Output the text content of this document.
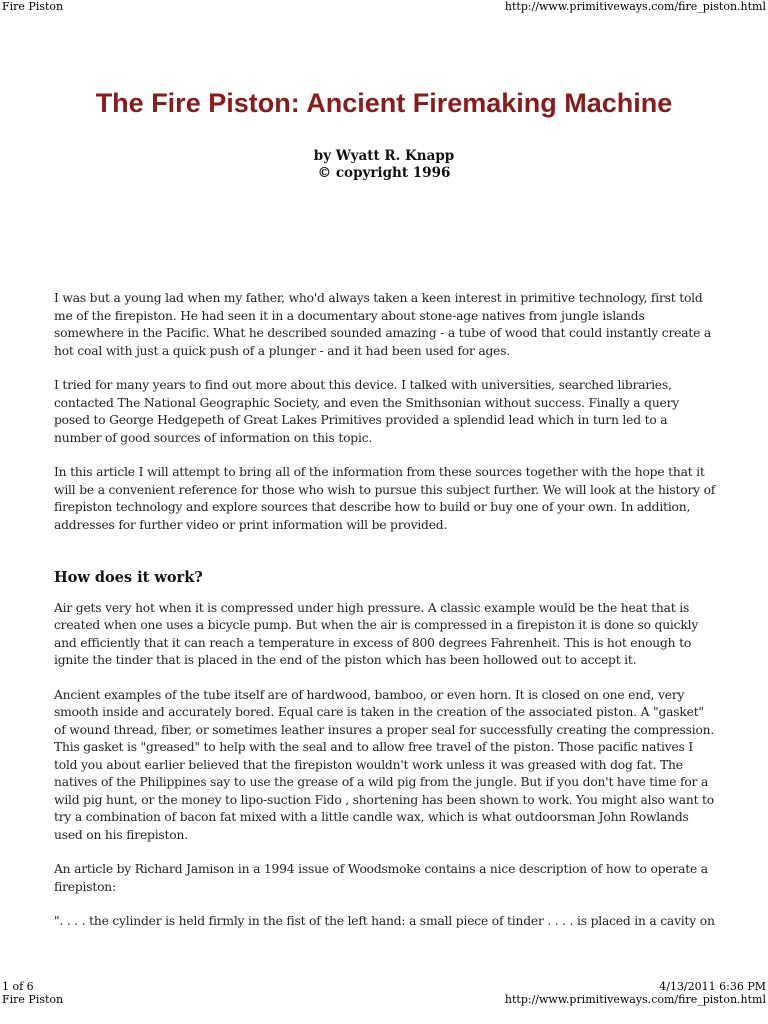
Fire Piston	http://www.primitiveways.com/fire_piston.html
The Fire Piston: Ancient Firemaking Machine
by Wyatt R. Knapp
© copyright 1996

I was but a young lad when my father, who'd always taken a keen interest in primitive technology, first told me of the firepiston. He had seen it in a documentary about stone-age natives from jungle islands somewhere in the Pacific. What he described sounded amazing - a tube of wood that could instantly create a hot coal with just a quick push of a plunger - and it had been used for ages.

I tried for many years to find out more about this device. I talked with universities, searched libraries, contacted The National Geographic Society, and even the Smithsonian without success. Finally a query posed to George Hedgepeth of Great Lakes Primitives provided a splendid lead which in turn led to a number of good sources of information on this topic.

In this article I will attempt to bring all of the information from these sources together with the hope that it will be a convenient reference for those who wish to pursue this subject further. We will look at the history of firepiston technology and explore sources that describe how to build or buy one of your own. In addition, addresses for further video or print information will be provided.

How does it work?

Air gets very hot when it is compressed under high pressure. A classic example would be the heat that is created when one uses a bicycle pump. But when the air is compressed in a firepiston it is done so quickly and efficiently that it can reach a temperature in excess of 800 degrees Fahrenheit. This is hot enough to ignite the tinder that is placed in the end of the piston which has been hollowed out to accept it.

Ancient examples of the tube itself are of hardwood, bamboo, or even horn. It is closed on one end, very smooth inside and accurately bored. Equal care is taken in the creation of the associated piston. A "gasket" of wound thread, fiber, or sometimes leather insures a proper seal for successfully creating the compression. This gasket is "greased" to help with the seal and to allow free travel of the piston. Those pacific natives I told you about earlier believed that the firepiston wouldn't work unless it was greased with dog fat. The natives of the Philippines say to use the grease of a wild pig from the jungle. But if you don't have time for a wild pig hunt, or the money to lipo-suction Fido , shortening has been shown to work. You might also want to try a combination of bacon fat mixed with a little candle wax, which is what outdoorsman John Rowlands used on his firepiston.

An article by Richard Jamison in a 1994 issue of Woodsmoke contains a nice description of how to operate a firepiston:

". . . . the cylinder is held firmly in the fist of the left hand: a small piece of tinder . . . . is placed in a cavity on

1 of 6	4/13/2011 6:36 PM
Fire Piston	http://www.primitiveways.com/fire_piston.html
